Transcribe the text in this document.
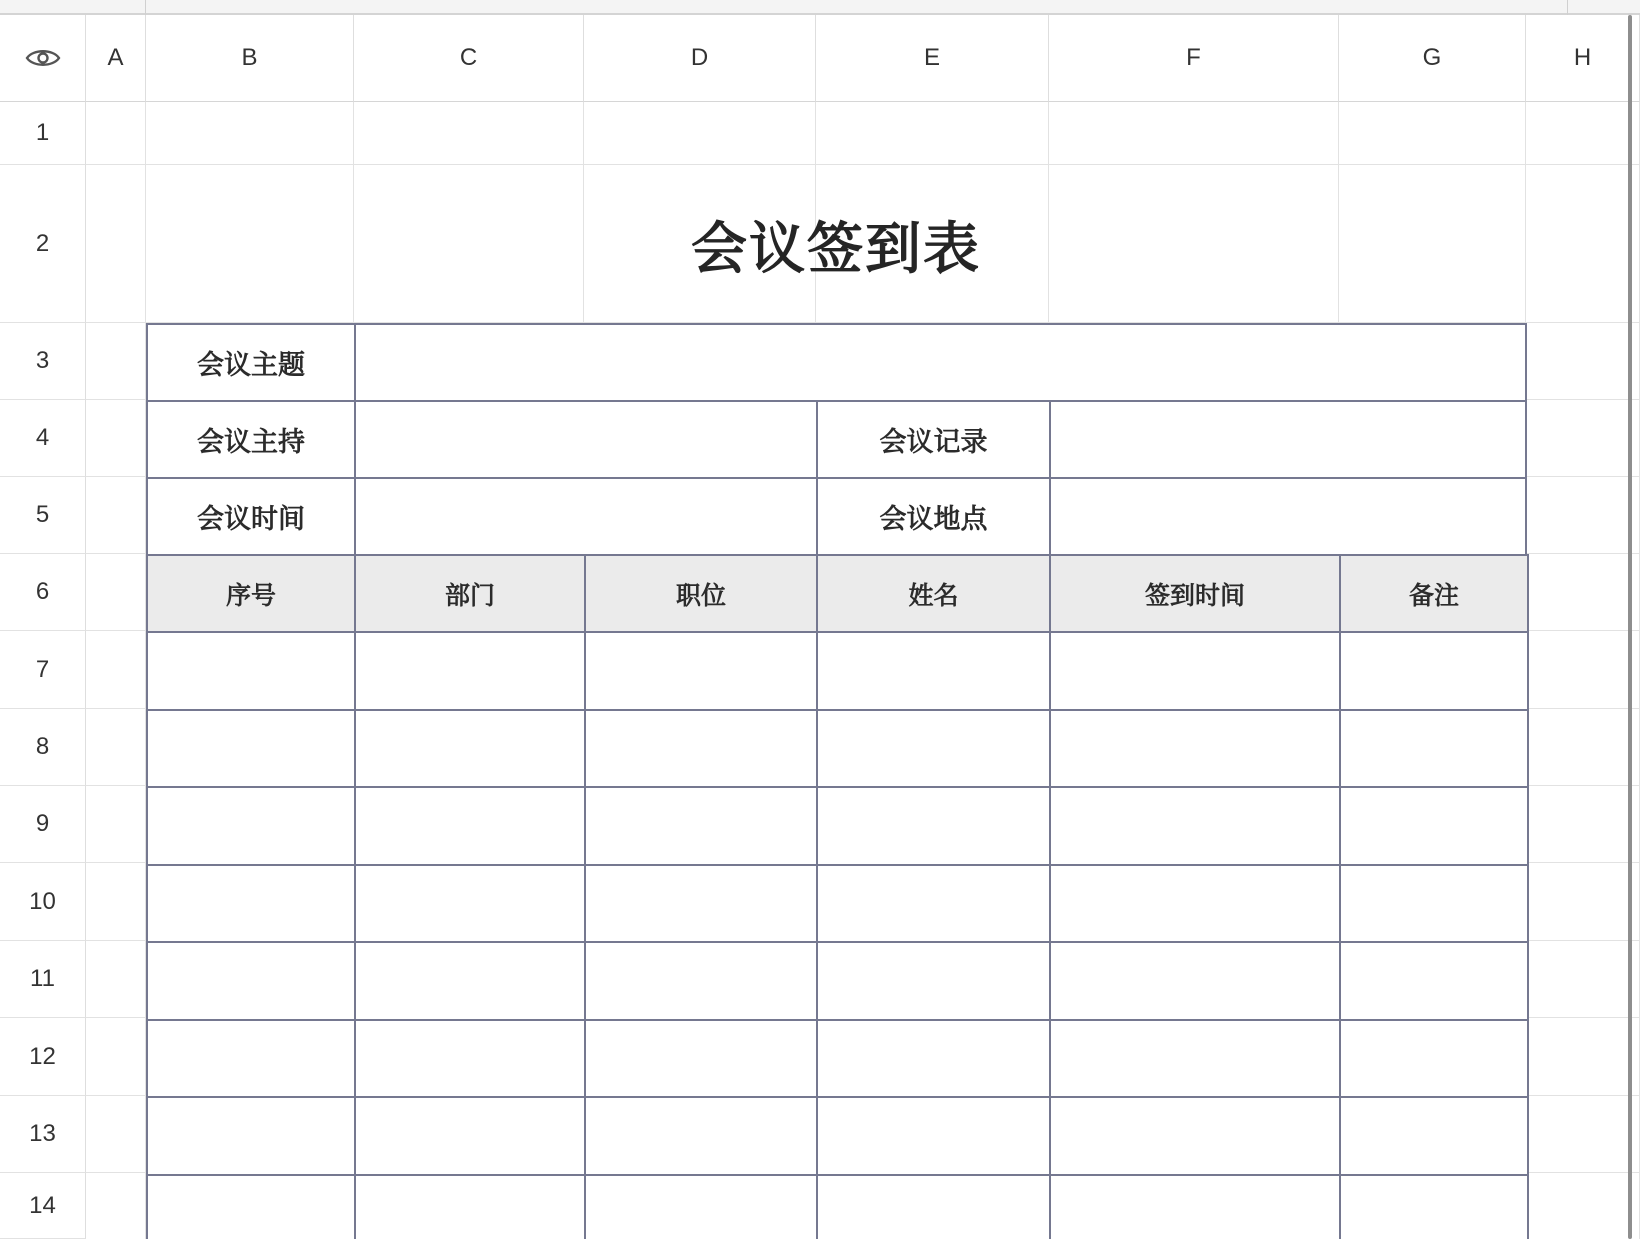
A	B	C	D	E	F	G	H
1
2
3
4
5
6
7
8
9
10
11
12
13
14
会议签到表
会议主题
会议主持	会议记录
会议时间	会议地点
序号	部门	职位	姓名	签到时间	备注
